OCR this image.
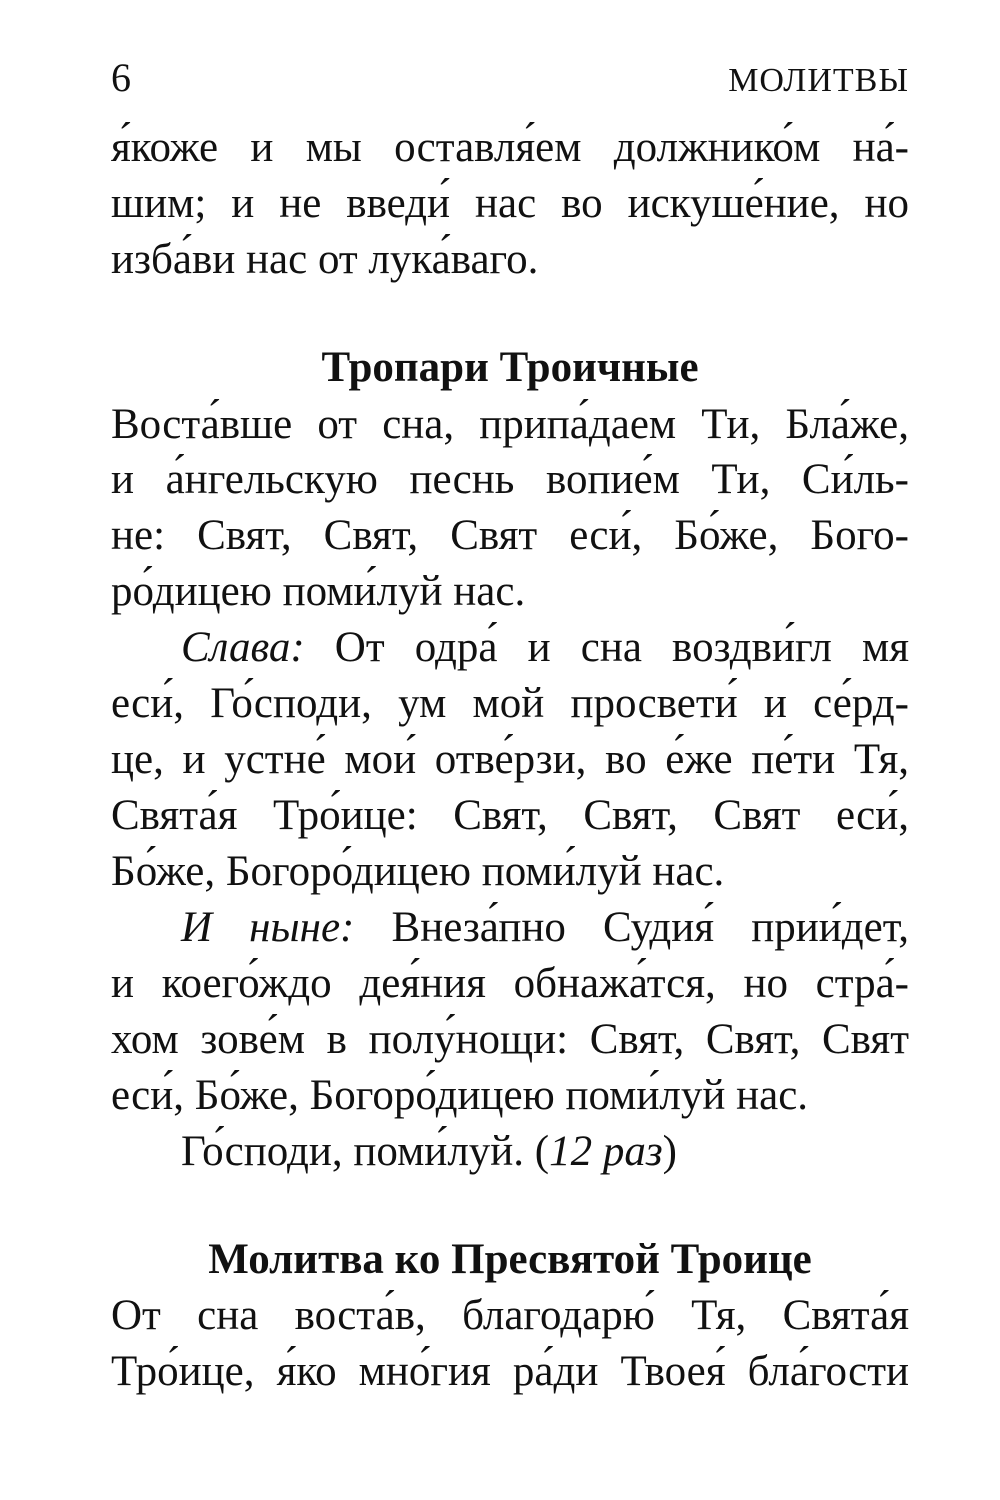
6	МОЛИТВЫ
я́коже и мы оставля́ем должнико́м на́-
шим; и не введи́ нас во искуше́ние, но
изба́ви нас от лука́ваго.
Тропари Троичные
Воста́вше от сна, припа́даем Ти, Бла́же,
и а́нгельскую песнь вопие́м Ти, Си́ль-
не: Свят, Свят, Свят еси́, Бо́же, Бого-
ро́дицею поми́луй нас.
Слава: От одра́ и сна воздви́гл мя
еси́, Го́споди, ум мой просвети́ и се́рд-
це, и устне́ мои́ отве́рзи, во е́же пе́ти Тя,
Свята́я Тро́ице: Свят, Свят, Свят еси́,
Бо́же, Богоро́дицею поми́луй нас.
И ныне: Внеза́пно Судия́ прии́дет,
и коего́ждо дея́ния обнажа́тся, но стра́-
хом зове́м в полу́нощи: Свят, Свят, Свят
еси́, Бо́же, Богоро́дицею поми́луй нас.
Го́споди, поми́луй. (12 раз)
Молитва ко Пресвятой Троице
От сна воста́в, благодарю́ Тя, Свята́я
Тро́ице, я́ко мно́гия ра́ди Твоея́ бла́гости
